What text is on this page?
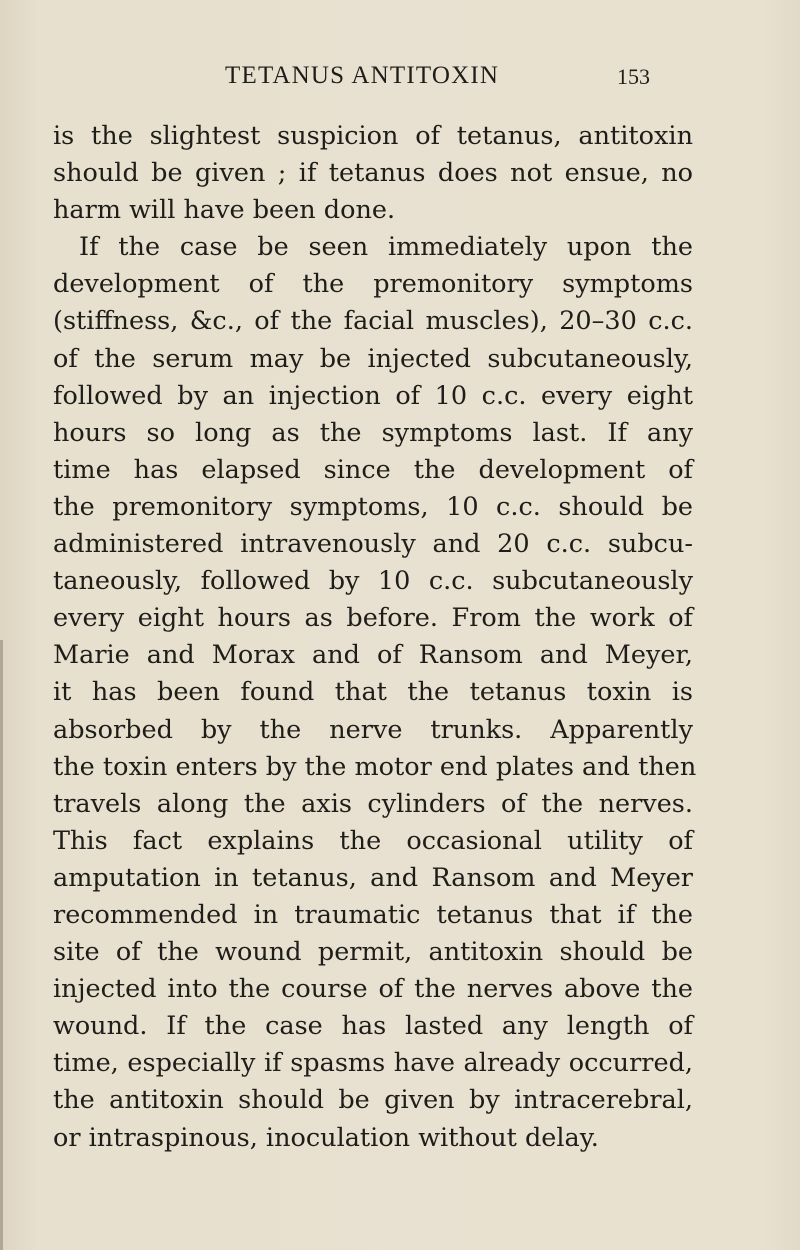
TETANUS ANTITOXIN	153
is the slightest suspicion of tetanus, antitoxin
should be given ; if tetanus does not ensue, no
harm will have been done.
If the case be seen immediately upon the
development of the premonitory symptoms
(stiffness, &c., of the facial muscles), 20–30 c.c.
of the serum may be injected subcutaneously,
followed by an injection of 10 c.c. every eight
hours so long as the symptoms last. If any
time has elapsed since the development of
the premonitory symptoms, 10 c.c. should be
administered intravenously and 20 c.c. subcu-
taneously, followed by 10 c.c. subcutaneously
every eight hours as before. From the work of
Marie and Morax and of Ransom and Meyer,
it has been found that the tetanus toxin is
absorbed by the nerve trunks. Apparently
the toxin enters by the motor end plates and then
travels along the axis cylinders of the nerves.
This fact explains the occasional utility of
amputation in tetanus, and Ransom and Meyer
recommended in traumatic tetanus that if the
site of the wound permit, antitoxin should be
injected into the course of the nerves above the
wound. If the case has lasted any length of
time, especially if spasms have already occurred,
the antitoxin should be given by intracerebral,
or intraspinous, inoculation without delay.
